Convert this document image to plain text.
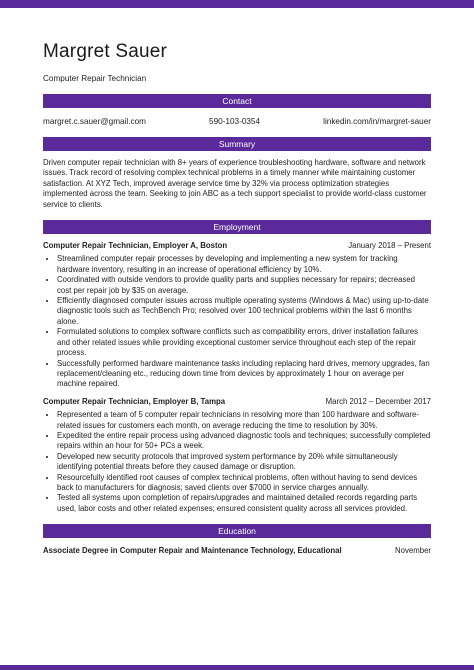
Margret Sauer
Computer Repair Technician
Contact
margret.c.sauer@gmail.com	590-103-0354	linkedin.com/in/margret-sauer
Summary
Driven computer repair technician with 8+ years of experience troubleshooting hardware, software and network issues. Track record of resolving complex technical problems in a timely manner while maintaining customer satisfaction. At XYZ Tech, improved average service time by 32% via process optimization strategies implemented across the team. Seeking to join ABC as a tech support specialist to provide world-class customer service to clients.
Employment
Computer Repair Technician, Employer A, Boston	January 2018 – Present
• Streamlined computer repair processes by developing and implementing a new system for tracking hardware inventory, resulting in an increase of operational efficiency by 10%.
• Coordinated with outside vendors to provide quality parts and supplies necessary for repairs; decreased cost per repair job by $35 on average.
• Efficiently diagnosed computer issues across multiple operating systems (Windows & Mac) using up-to-date diagnostic tools such as TechBench Pro; resolved over 100 technical problems within the last 6 months alone.
• Formulated solutions to complex software conflicts such as compatibility errors, driver installation failures and other related issues while providing exceptional customer service throughout each step of the repair process.
• Successfully performed hardware maintenance tasks including replacing hard drives, memory upgrades, fan replacement/cleaning etc., reducing down time from devices by approximately 1 hour on average per machine repaired.
Computer Repair Technician, Employer B, Tampa	March 2012 – December 2017
• Represented a team of 5 computer repair technicians in resolving more than 100 hardware and software-related issues for customers each month, on average reducing the time to resolution by 30%.
• Expedited the entire repair process using advanced diagnostic tools and techniques; successfully completed repairs within an hour for 50+ PCs a week.
• Developed new security protocols that improved system performance by 20% while simultaneously identifying potential threats before they caused damage or disruption.
• Resourcefully identified root causes of complex technical problems, often without having to send devices back to manufacturers for diagnosis; saved clients over $7000 in service charges annually.
• Tested all systems upon completion of repairs/upgrades and maintained detailed records regarding parts used, labor costs and other related expenses; ensured consistent quality across all services provided.
Education
Associate Degree in Computer Repair and Maintenance Technology, Educational	November
